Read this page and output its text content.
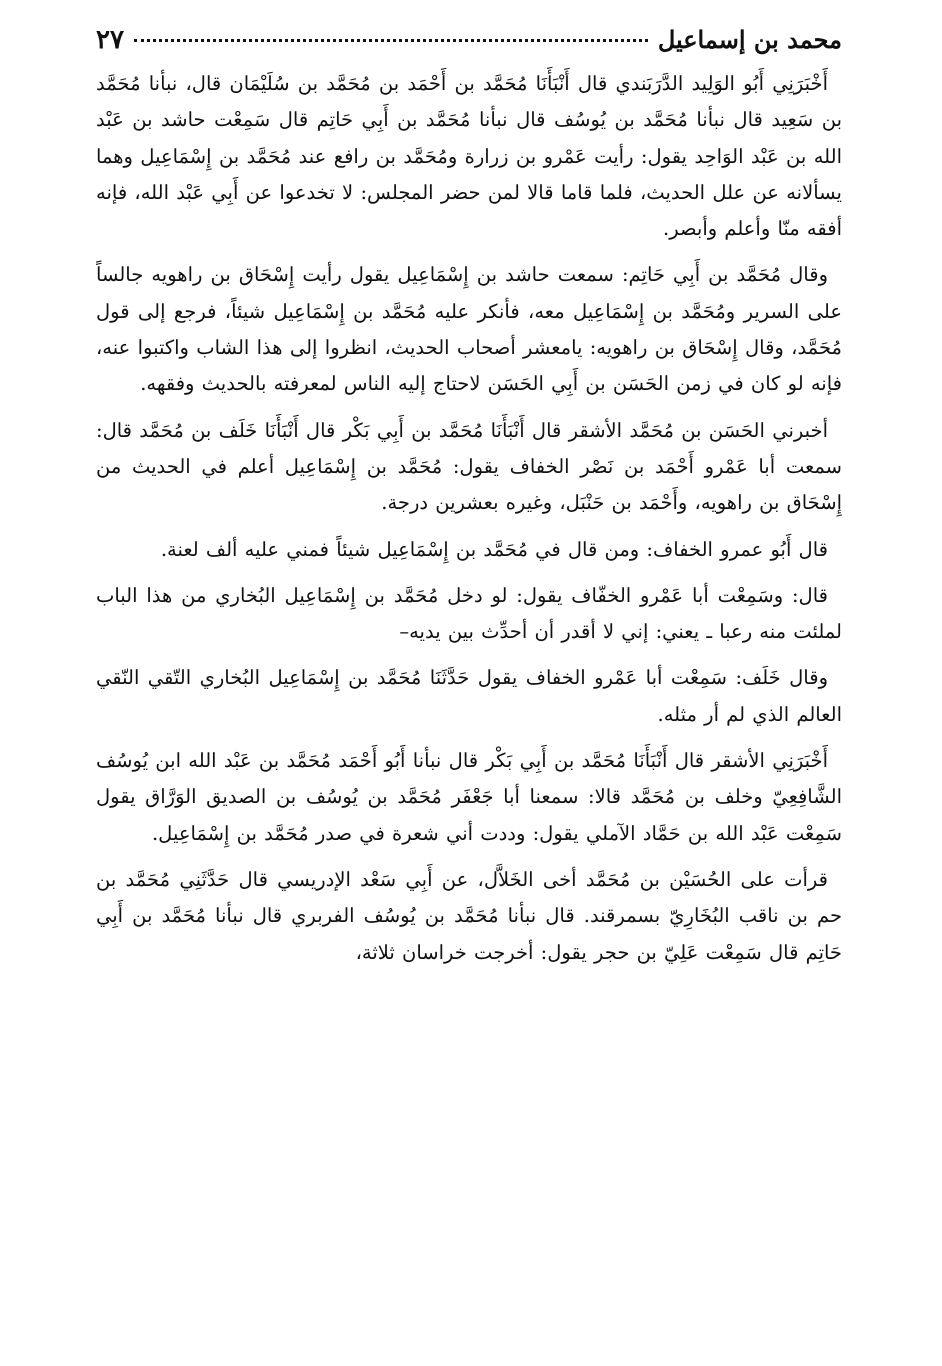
محمد بن إسماعيل
٢٧

أَخْبَرَنِي أَبُو الوَلِيد الدَّرَبَندي قال أَنْبَأَنَا مُحَمَّد بن أَحْمَد بن مُحَمَّد بن سُلَيْمَان قال، نبأنا مُحَمَّد بن سَعِيد قال نبأنا مُحَمَّد بن يُوسُف قال نبأنا مُحَمَّد بن أَبِي حَاتِم قال سَمِعْت حاشد بن عَبْد الله بن عَبْد الوَاحِد يقول: رأيت عَمْرو بن زرارة ومُحَمَّد بن رافع عند مُحَمَّد بن إِسْمَاعِيل وهما يسألانه عن علل الحديث، فلما قاما قالا لمن حضر المجلس: لا تخدعوا عن أَبِي عَبْد الله، فإنه أفقه منّا وأعلم وأبصر.

وقال مُحَمَّد بن أَبِي حَاتِم: سمعت حاشد بن إِسْمَاعِيل يقول رأيت إِسْحَاق بن راهويه جالساً على السرير ومُحَمَّد بن إِسْمَاعِيل معه، فأنكر عليه مُحَمَّد بن إِسْمَاعِيل شيئاً، فرجع إلى قول مُحَمَّد، وقال إِسْحَاق بن راهويه: يامعشر أصحاب الحديث، انظروا إلى هذا الشاب واكتبوا عنه، فإنه لو كان في زمن الحَسَن بن أَبِي الحَسَن لاحتاج إليه الناس لمعرفته بالحديث وفقهه.

أخبرني الحَسَن بن مُحَمَّد الأشقر قال أَنْبَأَنَا مُحَمَّد بن أَبِي بَكْر قال أَنْبَأَنَا خَلَف بن مُحَمَّد قال: سمعت أبا عَمْرو أَحْمَد بن نَصْر الخفاف يقول: مُحَمَّد بن إِسْمَاعِيل أعلم في الحديث من إِسْحَاق بن راهويه، وأَحْمَد بن حَنْبَل، وغيره بعشرين درجة.

قال أَبُو عمرو الخفاف: ومن قال في مُحَمَّد بن إِسْمَاعِيل شيئاً فمني عليه ألف لعنة.

قال: وسَمِعْت أبا عَمْرو الخفّاف يقول: لو دخل مُحَمَّد بن إِسْمَاعِيل البُخاري من هذا الباب لملئت منه رعبا ـ يعني: إني لا أقدر أن أحدِّث بين يديه–

وقال خَلَف: سَمِعْت أبا عَمْرو الخفاف يقول حَدَّثَنَا مُحَمَّد بن إِسْمَاعِيل البُخاري التّقي النّقي العالم الذي لم أر مثله.

أَخْبَرَنِي الأشقر قال أَنْبَأَنَا مُحَمَّد بن أَبِي بَكْر قال نبأنا أَبُو أَحْمَد مُحَمَّد بن عَبْد الله ابن يُوسُف الشَّافِعِيّ وخلف بن مُحَمَّد قالا: سمعنا أبا جَعْفَر مُحَمَّد بن يُوسُف بن الصديق الوَرَّاق يقول سَمِعْت عَبْد الله بن حَمَّاد الآملي يقول: وددت أني شعرة في صدر مُحَمَّد بن إِسْمَاعِيل.

قرأت على الحُسَيْن بن مُحَمَّد أخى الخَلاَّل، عن أَبِي سَعْد الإدريسي قال حَدَّثَنِي مُحَمَّد بن حم بن ناقب البُخَارِيّ بسمرقند. قال نبأنا مُحَمَّد بن يُوسُف الفربري قال نبأنا مُحَمَّد بن أَبِي حَاتِم قال سَمِعْت عَلِيّ بن حجر يقول: أخرجت خراسان ثلاثة،
